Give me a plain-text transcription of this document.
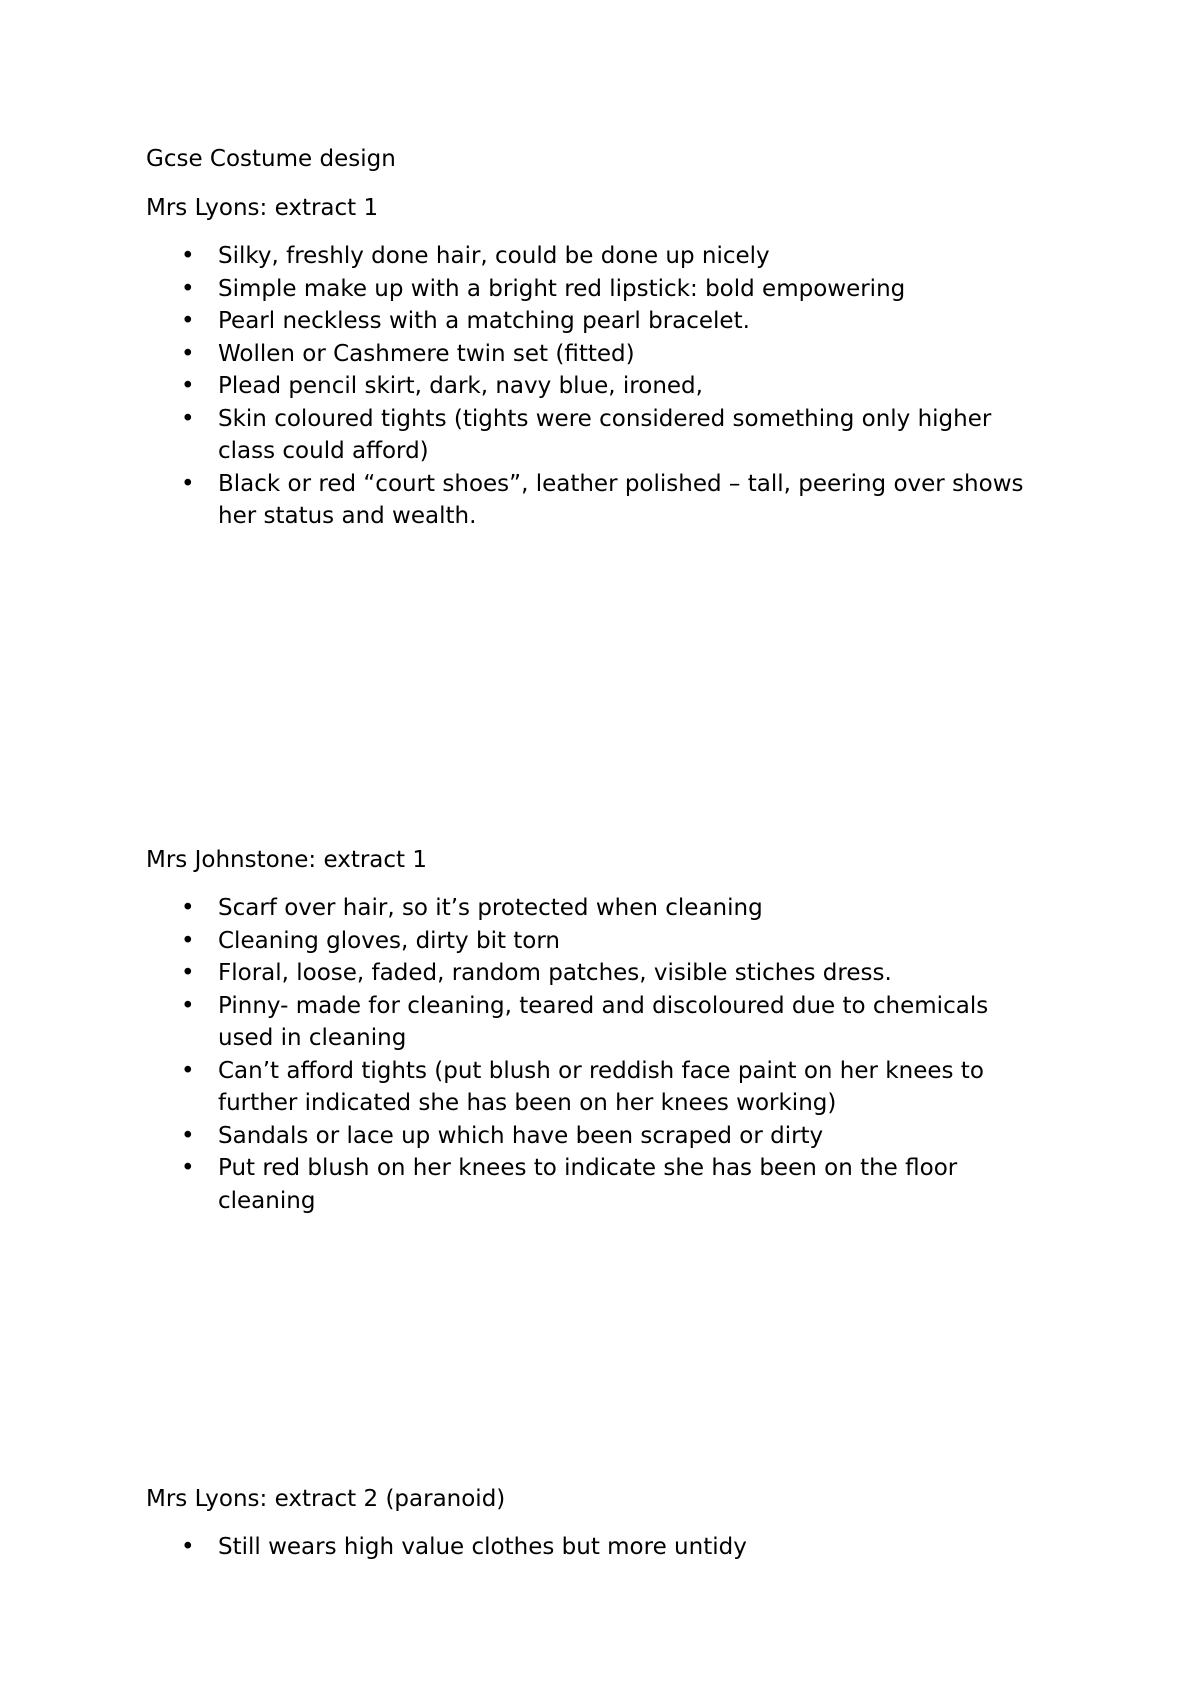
Gcse Costume design

Mrs Lyons: extract 1

• Silky, freshly done hair, could be done up nicely
• Simple make up with a bright red lipstick: bold empowering
• Pearl neckless with a matching pearl bracelet.
• Wollen or Cashmere twin set (fitted)
• Plead pencil skirt, dark, navy blue, ironed,
• Skin coloured tights (tights were considered something only higher class could afford)
• Black or red “court shoes”, leather polished – tall, peering over shows her status and wealth.

Mrs Johnstone: extract 1

• Scarf over hair, so it’s protected when cleaning
• Cleaning gloves, dirty bit torn
• Floral, loose, faded, random patches, visible stiches dress.
• Pinny- made for cleaning, teared and discoloured due to chemicals used in cleaning
• Can’t afford tights (put blush or reddish face paint on her knees to further indicated she has been on her knees working)
• Sandals or lace up which have been scraped or dirty
• Put red blush on her knees to indicate she has been on the floor cleaning

Mrs Lyons: extract 2 (paranoid)

• Still wears high value clothes but more untidy
